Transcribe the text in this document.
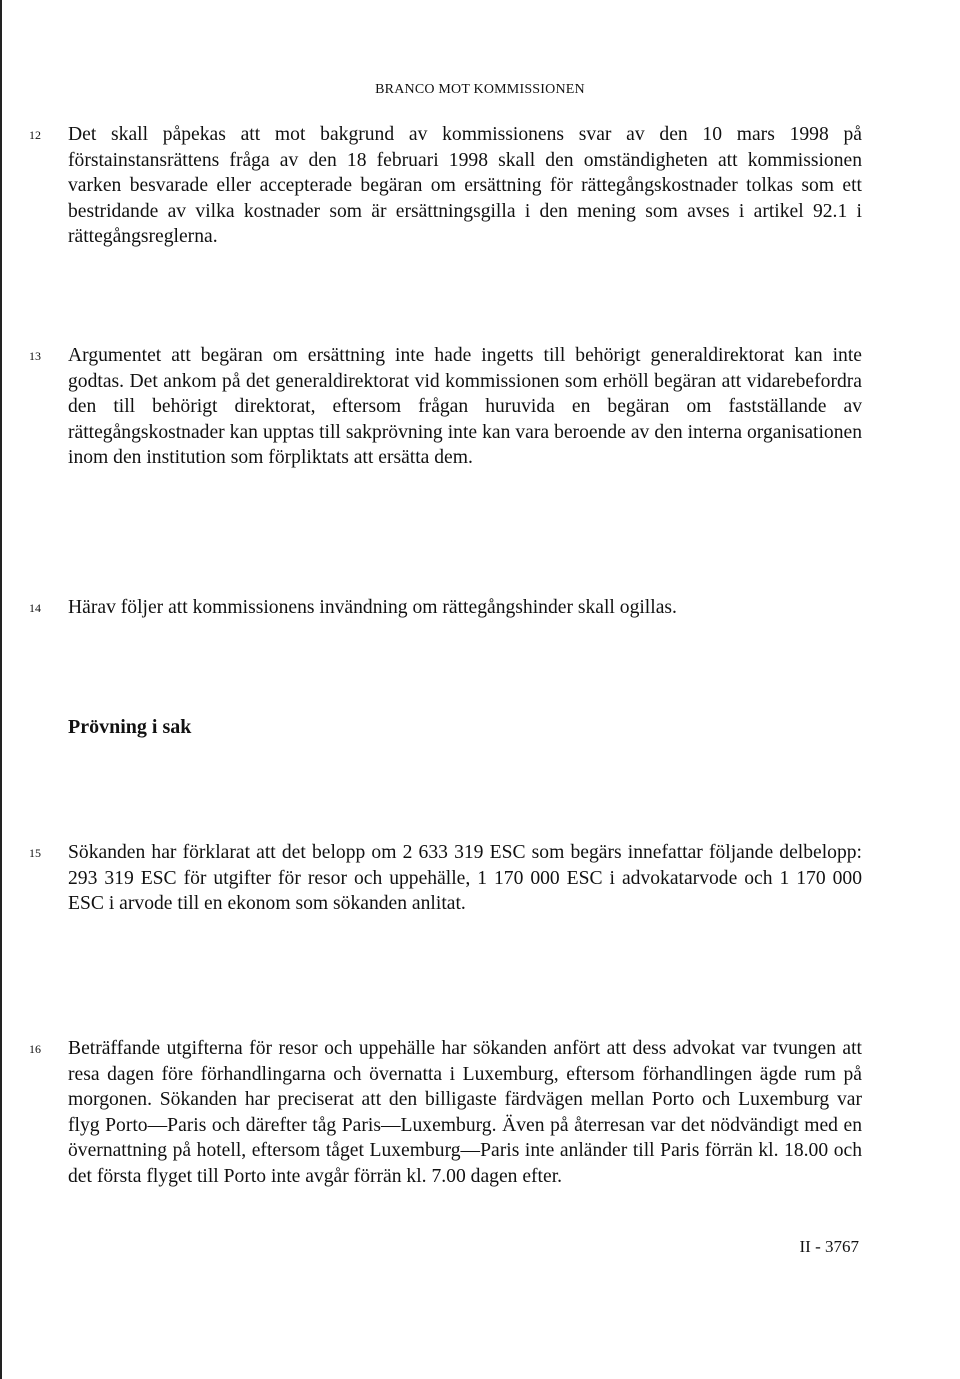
BRANCO MOT KOMMISSIONEN
12 Det skall påpekas att mot bakgrund av kommissionens svar av den 10 mars 1998 på förstainstansrättens fråga av den 18 februari 1998 skall den omständigheten att kommissionen varken besvarade eller accepterade begäran om ersättning för rättegångskostnader tolkas som ett bestridande av vilka kostnader som är ersättningsgilla i den mening som avses i artikel 92.1 i rättegångsreglerna.

13 Argumentet att begäran om ersättning inte hade ingetts till behörigt generaldirektorat kan inte godtas. Det ankom på det generaldirektorat vid kommissionen som erhöll begäran att vidarebefordra den till behörigt direktorat, eftersom frågan huruvida en begäran om fastställande av rättegångskostnader kan upptas till sakprövning inte kan vara beroende av den interna organisationen inom den institution som förpliktats att ersätta dem.

14 Härav följer att kommissionens invändning om rättegångshinder skall ogillas.

Prövning i sak
15 Sökanden har förklarat att det belopp om 2 633 319 ESC som begärs innefattar följande delbelopp: 293 319 ESC för utgifter för resor och uppehälle, 1 170 000 ESC i advokatarvode och 1 170 000 ESC i arvode till en ekonom som sökanden anlitat.

16 Beträffande utgifterna för resor och uppehälle har sökanden anfört att dess advokat var tvungen att resa dagen före förhandlingarna och övernatta i Luxemburg, eftersom förhandlingen ägde rum på morgonen. Sökanden har preciserat att den billigaste färdvägen mellan Porto och Luxemburg var flyg Porto—Paris och därefter tåg Paris—Luxemburg. Även på återresan var det nödvändigt med en övernattning på hotell, eftersom tåget Luxemburg—Paris inte anländer till Paris förrän kl. 18.00 och det första flyget till Porto inte avgår förrän kl. 7.00 dagen efter.

II - 3767
